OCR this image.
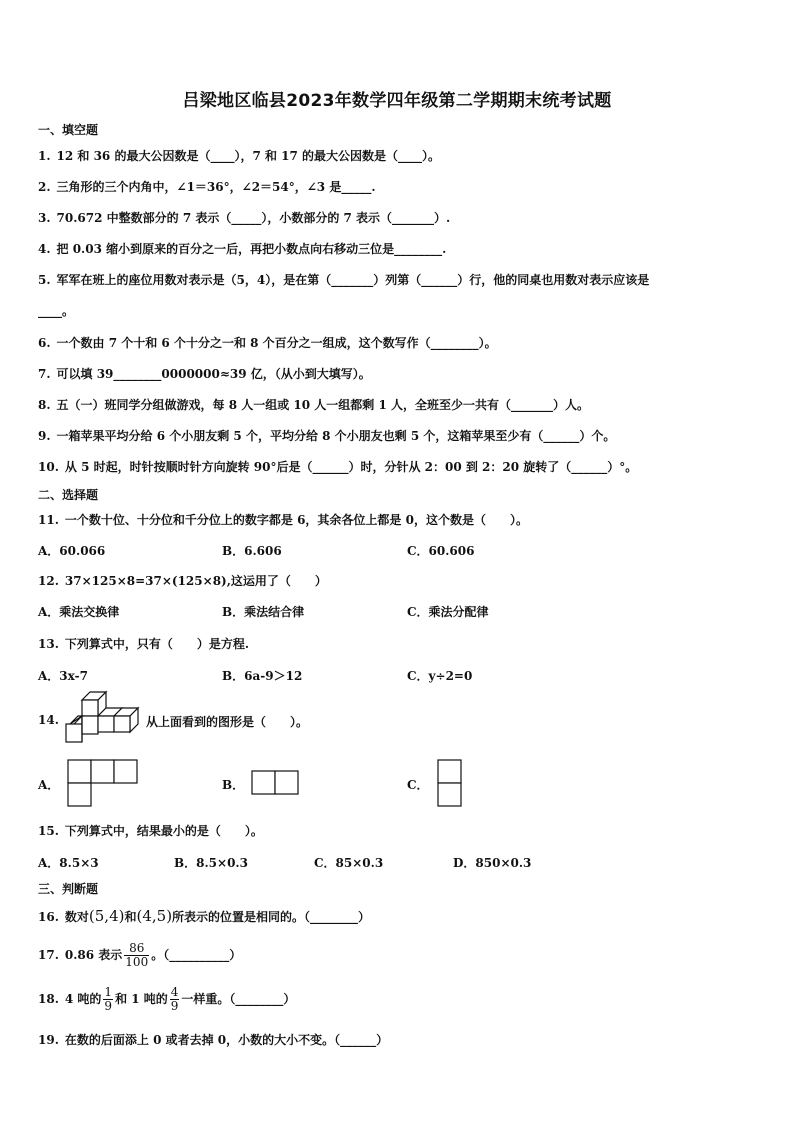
吕梁地区临县2023年数学四年级第二学期期末统考试题
一、填空题
1. 12 和 36 的最大公因数是（____），7 和 17 的最大公因数是（____）。
2. 三角形的三个内角中，∠1＝36°，∠2＝54°，∠3 是_____.
3. 70.672 中整数部分的 7 表示（_____），小数部分的 7 表示（_______）.
4. 把 0.03 缩小到原来的百分之一后，再把小数点向右移动三位是________.
5. 军军在班上的座位用数对表示是（5，4），是在第（_______）列第（______）行，他的同桌也用数对表示应该是
____。
6. 一个数由 7 个十和 6 个十分之一和 8 个百分之一组成，这个数写作（________）。
7. 可以填 39________0000000≈39 亿，（从小到大填写）。
8. 五（一）班同学分组做游戏，每 8 人一组或 10 人一组都剩 1 人，全班至少一共有（_______）人。
9. 一箱苹果平均分给 6 个小朋友剩 5 个，平均分给 8 个小朋友也剩 5 个，这箱苹果至少有（______）个。
10. 从 5 时起，时针按顺时针方向旋转 90°后是（______）时，分针从 2：00 到 2：20 旋转了（______）°。
二、选择题
11. 一个数十位、十分位和千分位上的数字都是 6，其余各位上都是 0，这个数是（　　）。
A．60.066	B．6.606	C．60.606
12. 37×125×8=37×(125×8),这运用了（　　）
A．乘法交换律	B．乘法结合律	C．乘法分配律
13. 下列算式中，只有（　　）是方程.
A．3x-7	B．6a-9＞12	C．y÷2=0
14.	从上面看到的图形是（　　）。
A．	B．	C．
15. 下列算式中，结果最小的是（　　）。
A．8.5×3	B．8.5×0.3	C．85×0.3	D．850×0.3
三、判断题
16. 数对(5,4)和(4,5)所表示的位置是相同的。（________）
17. 0.86 表示 $\frac{86}{100}$ 。（__________）
18. 4 吨的 $\frac{1}{9}$ 和 1 吨的 $\frac{4}{9}$ 一样重。（________）
19. 在数的后面添上 0 或者去掉 0，小数的大小不变。（______）
